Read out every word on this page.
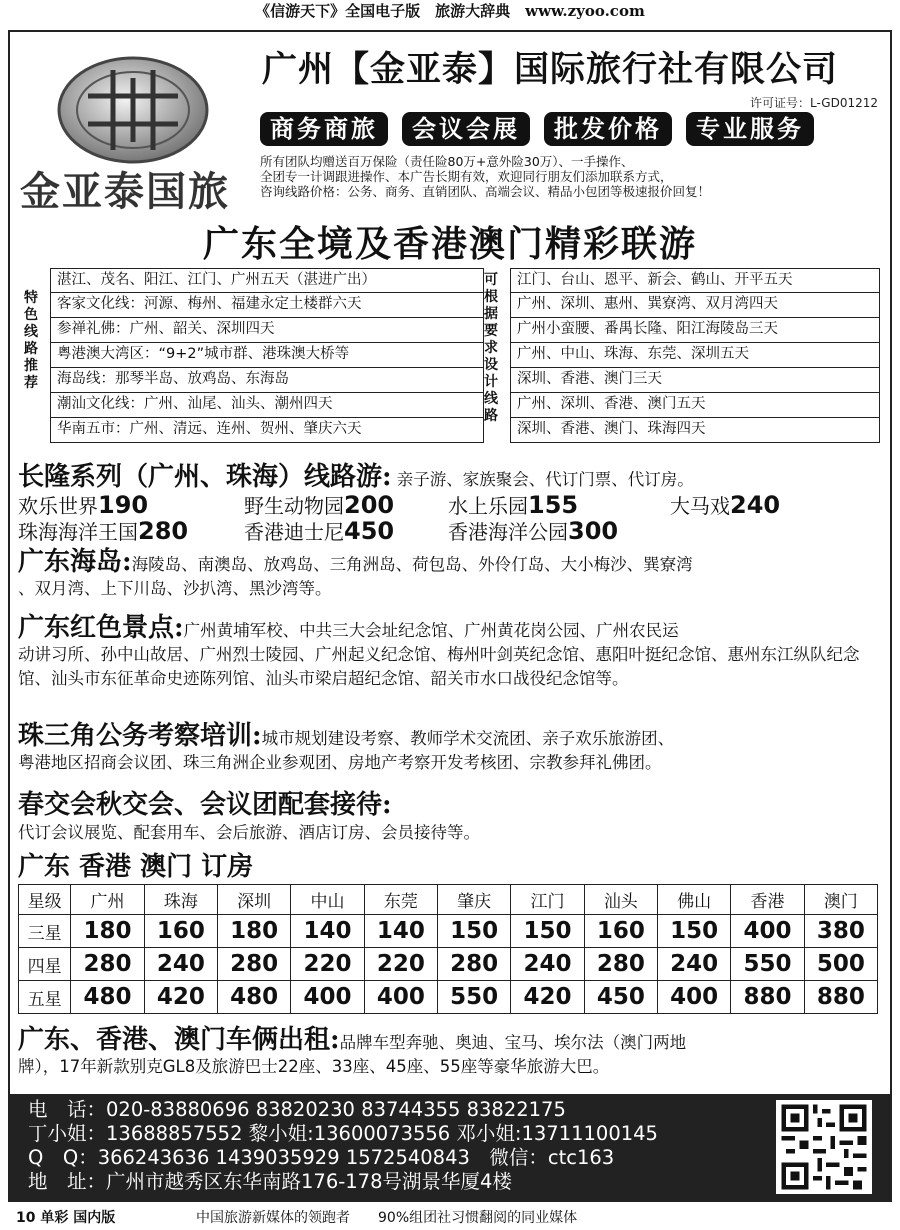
《信游天下》全国电子版　旅游大辞典　www.zyoo.com
金亚泰国旅
广州【金亚泰】国际旅行社有限公司
许可证号：L-GD01212
商务商旅	会议会展	批发价格	专业服务
所有团队均赠送百万保险（责任险80万+意外险30万）、一手操作、
全团专一计调跟进操作、本广告长期有效，欢迎同行朋友们添加联系方式，
咨询线路价格：公务、商务、直销团队、高端会议、精品小包团等极速报价回复！
广东全境及香港澳门精彩联游
特色线路推荐
湛江、茂名、阳江、江门、广州五天（湛进广出）
客家文化线：河源、梅州、福建永定土楼群六天
参禅礼佛：广州、韶关、深圳四天
粤港澳大湾区：“9+2”城市群、港珠澳大桥等
海岛线：那琴半岛、放鸡岛、东海岛
潮汕文化线：广州、汕尾、汕头、潮州四天
华南五市：广州、清远、连州、贺州、肇庆六天
可根据要求设计线路
江门、台山、恩平、新会、鹤山、开平五天
广州、深圳、惠州、巽寮湾、双月湾四天
广州小蛮腰、番禺长隆、阳江海陵岛三天
广州、中山、珠海、东莞、深圳五天
深圳、香港、澳门三天
广州、深圳、香港、澳门五天
深圳、香港、澳门、珠海四天
长隆系列（广州、珠海）线路游: 亲子游、家族聚会、代订门票、代订房。
欢乐世界190	野生动物园200	水上乐园155	大马戏240
珠海海洋王国280	香港迪士尼450	香港海洋公园300
广东海岛:海陵岛、南澳岛、放鸡岛、三角洲岛、荷包岛、外伶仃岛、大小梅沙、巽寮湾
、双月湾、上下川岛、沙扒湾、黑沙湾等。
广东红色景点:广州黄埔军校、中共三大会址纪念馆、广州黄花岗公园、广州农民运
动讲习所、孙中山故居、广州烈士陵园、广州起义纪念馆、梅州叶剑英纪念馆、惠阳叶挺纪念馆、惠州东江纵队纪念馆、汕头市东征革命史迹陈列馆、汕头市梁启超纪念馆、韶关市水口战役纪念馆等。
珠三角公务考察培训:城市规划建设考察、教师学术交流团、亲子欢乐旅游团、
粤港地区招商会议团、珠三角洲企业参观团、房地产考察开发考核团、宗教参拜礼佛团。
春交会秋交会、会议团配套接待:
代订会议展览、配套用车、会后旅游、酒店订房、会员接待等。
广东 香港 澳门 订房
星级	广州	珠海	深圳	中山	东莞	肇庆	江门	汕头	佛山	香港	澳门
三星	180	160	180	140	140	150	150	160	150	400	380
四星	280	240	280	220	220	280	240	280	240	550	500
五星	480	420	480	400	400	550	420	450	400	880	880
广东、香港、澳门车俩出租:品牌车型奔驰、奥迪、宝马、埃尔法（澳门两地
牌），17年新款别克GL8及旅游巴士22座、33座、45座、55座等豪华旅游大巴。
电　话：020-83880696 83820230 83744355 83822175
丁小姐：13688857552 黎小姐:13600073556 邓小姐:13711100145
Q　Q：366243636 1439035929 1572540843　微信：ctc163
地　址：广州市越秀区东华南路176-178号湖景华厦4楼
10 单彩 国内版	中国旅游新媒体的领跑者　　90%组团社习惯翻阅的同业媒体
